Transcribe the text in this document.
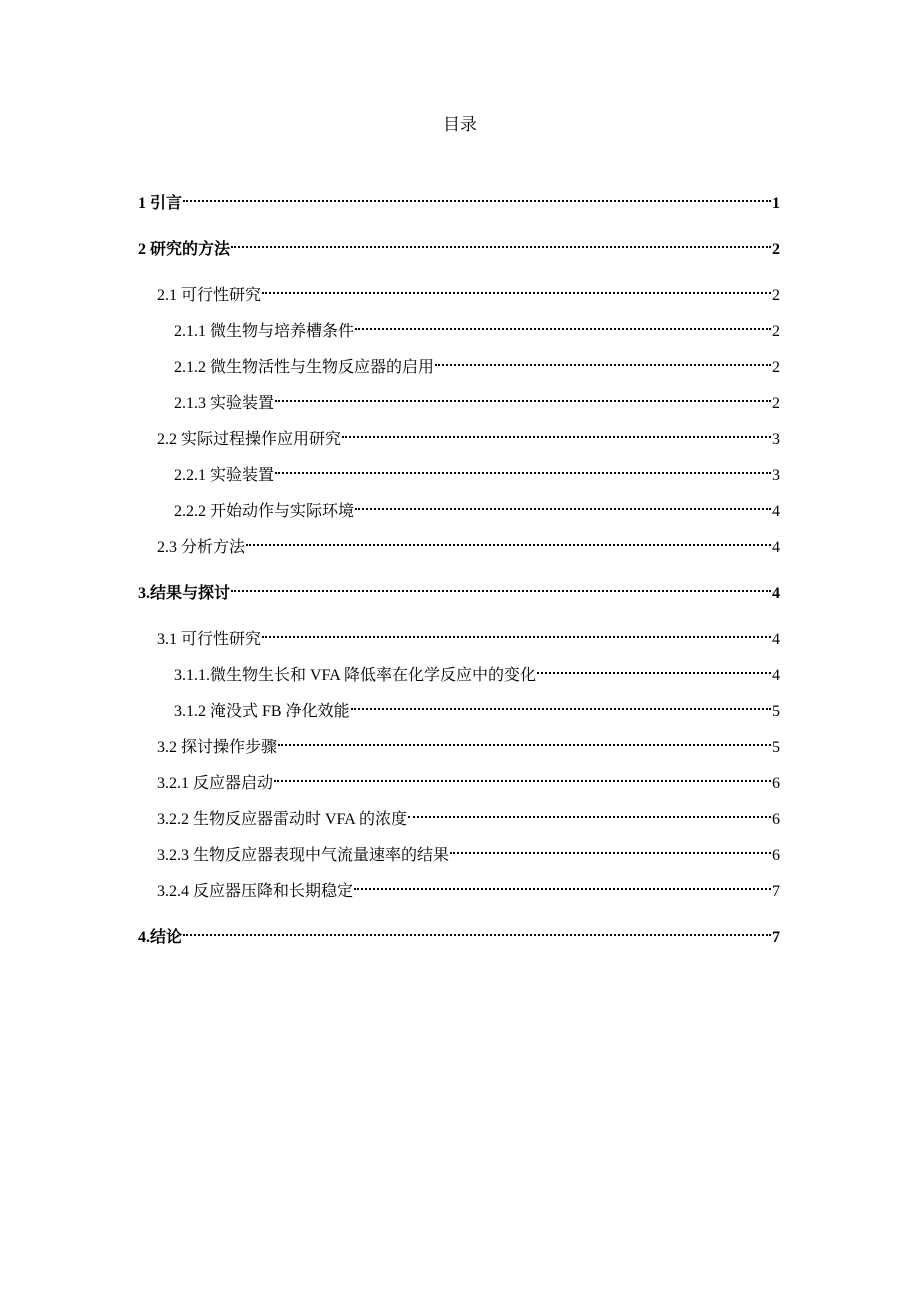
目录
1 引言	1
2 研究的方法	2
2.1 可行性研究	2
2.1.1 微生物与培养槽条件	2
2.1.2 微生物活性与生物反应器的启用	2
2.1.3 实验装置	2
2.2 实际过程操作应用研究	3
2.2.1 实验装置	3
2.2.2 开始动作与实际环境	4
2.3 分析方法	4
3.结果与探讨	4
3.1 可行性研究	4
3.1.1.微生物生长和 VFA 降低率在化学反应中的变化	4
3.1.2 淹没式 FB 净化效能	5
3.2 探讨操作步骤	5
3.2.1 反应器启动	6
3.2.2 生物反应器雷动时 VFA 的浓度	6
3.2.3 生物反应器表现中气流量速率的结果	6
3.2.4 反应器压降和长期稳定	7
4.结论	7
